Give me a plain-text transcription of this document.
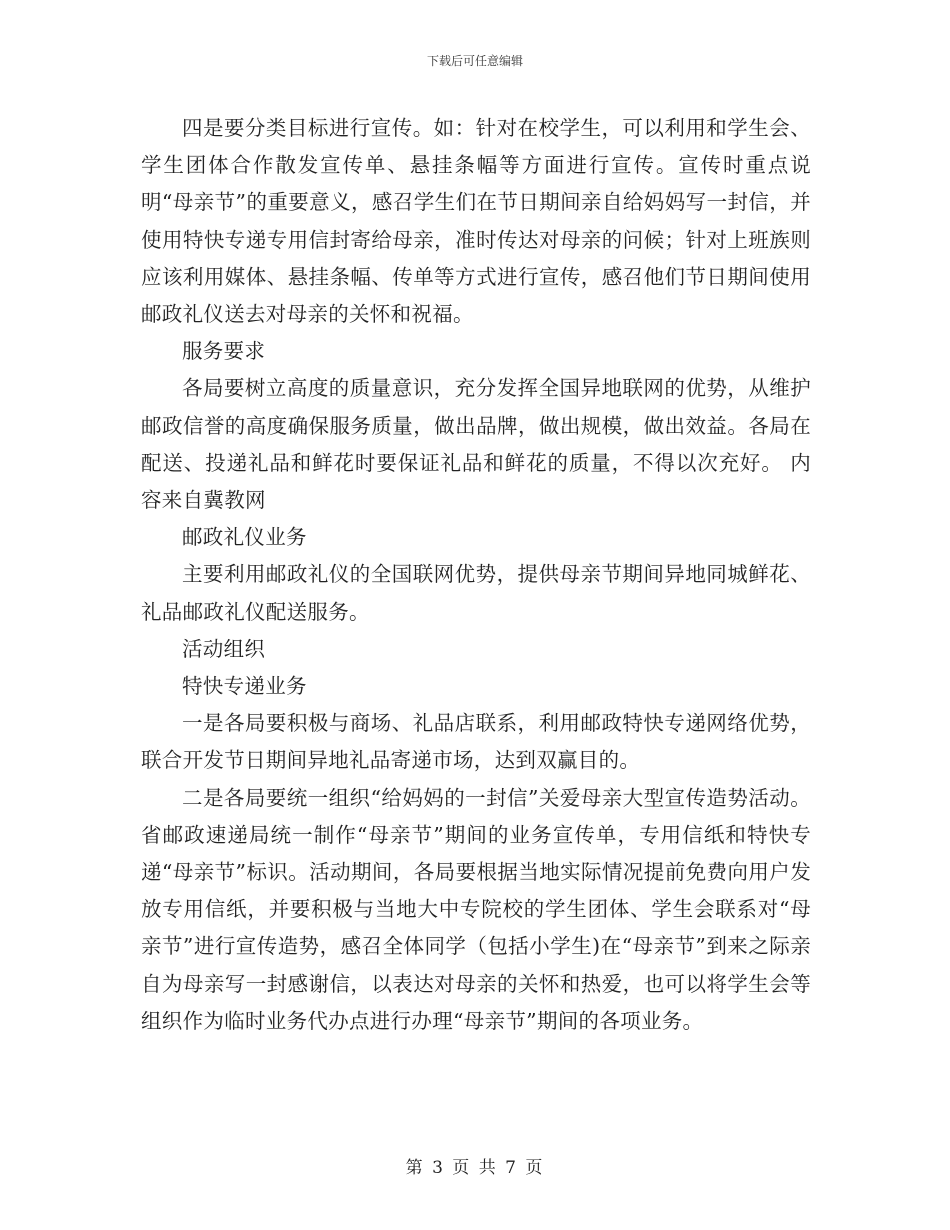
下载后可任意编辑

四是要分类目标进行宣传。如：针对在校学生，可以利用和学生会、学生团体合作散发宣传单、悬挂条幅等方面进行宣传。宣传时重点说明“母亲节”的重要意义，感召学生们在节日期间亲自给妈妈写一封信，并使用特快专递专用信封寄给母亲，准时传达对母亲的问候；针对上班族则应该利用媒体、悬挂条幅、传单等方式进行宣传，感召他们节日期间使用邮政礼仪送去对母亲的关怀和祝福。

服务要求

各局要树立高度的质量意识，充分发挥全国异地联网的优势，从维护邮政信誉的高度确保服务质量，做出品牌，做出规模，做出效益。各局在配送、投递礼品和鲜花时要保证礼品和鲜花的质量，不得以次充好。 内容来自冀教网

邮政礼仪业务

主要利用邮政礼仪的全国联网优势，提供母亲节期间异地同城鲜花、礼品邮政礼仪配送服务。

活动组织

特快专递业务

一是各局要积极与商场、礼品店联系，利用邮政特快专递网络优势，联合开发节日期间异地礼品寄递市场，达到双赢目的。

二是各局要统一组织“给妈妈的一封信”关爱母亲大型宣传造势活动。省邮政速递局统一制作“母亲节”期间的业务宣传单，专用信纸和特快专递“母亲节”标识。活动期间，各局要根据当地实际情况提前免费向用户发放专用信纸，并要积极与当地大中专院校的学生团体、学生会联系对“母亲节”进行宣传造势，感召全体同学（包括小学生)在“母亲节”到来之际亲自为母亲写一封感谢信，以表达对母亲的关怀和热爱，也可以将学生会等组织作为临时业务代办点进行办理“母亲节”期间的各项业务。

第 3 页 共 7 页
